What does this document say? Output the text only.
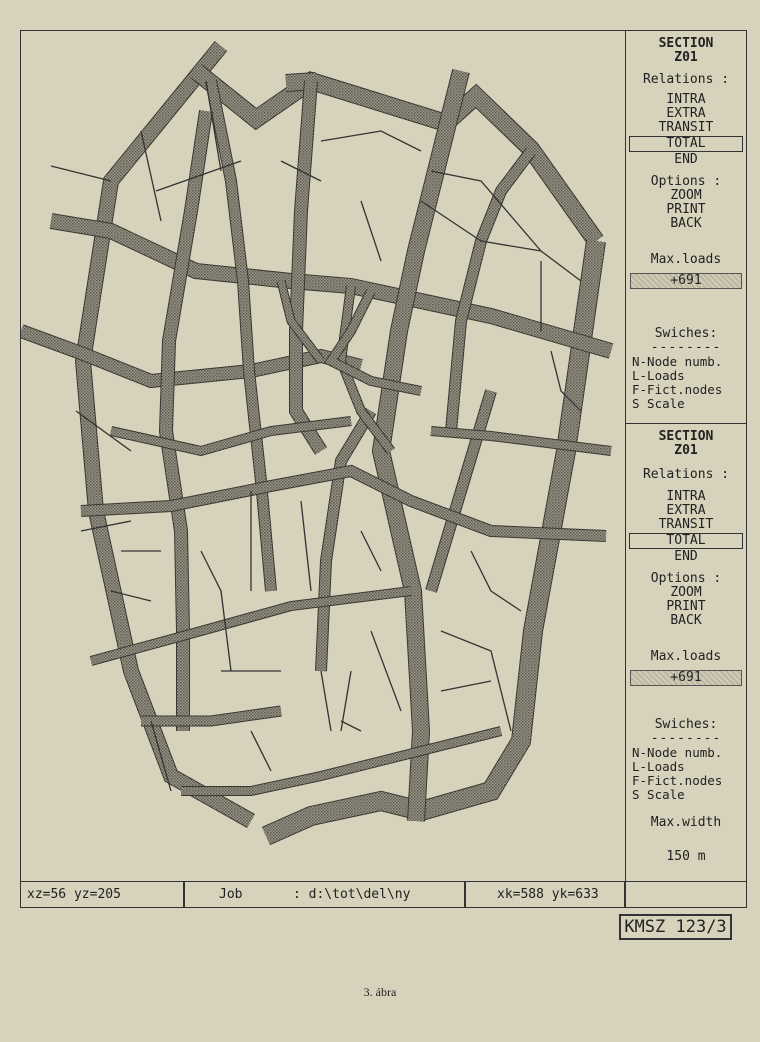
SECTION
Z01
Relations :
INTRA
EXTRA
TRANSIT
TOTAL
END
Options :
ZOOM
PRINT
BACK
Max.loads
+691
Swiches:
--------
N-Node numb.
L-Loads
F-Fict.nodes
S Scale
SECTION
Z01
Relations :
INTRA
EXTRA
TRANSIT
TOTAL
END
Options :
ZOOM
PRINT
BACK
Max.loads
+691
Swiches:
--------
N-Node numb.
L-Loads
F-Fict.nodes
S Scale
Max.width
150 m
xz=56 yz=205	Job	: d:\tot\del\ny	xk=588 yk=633
KMSZ 123/3
3. ábra
